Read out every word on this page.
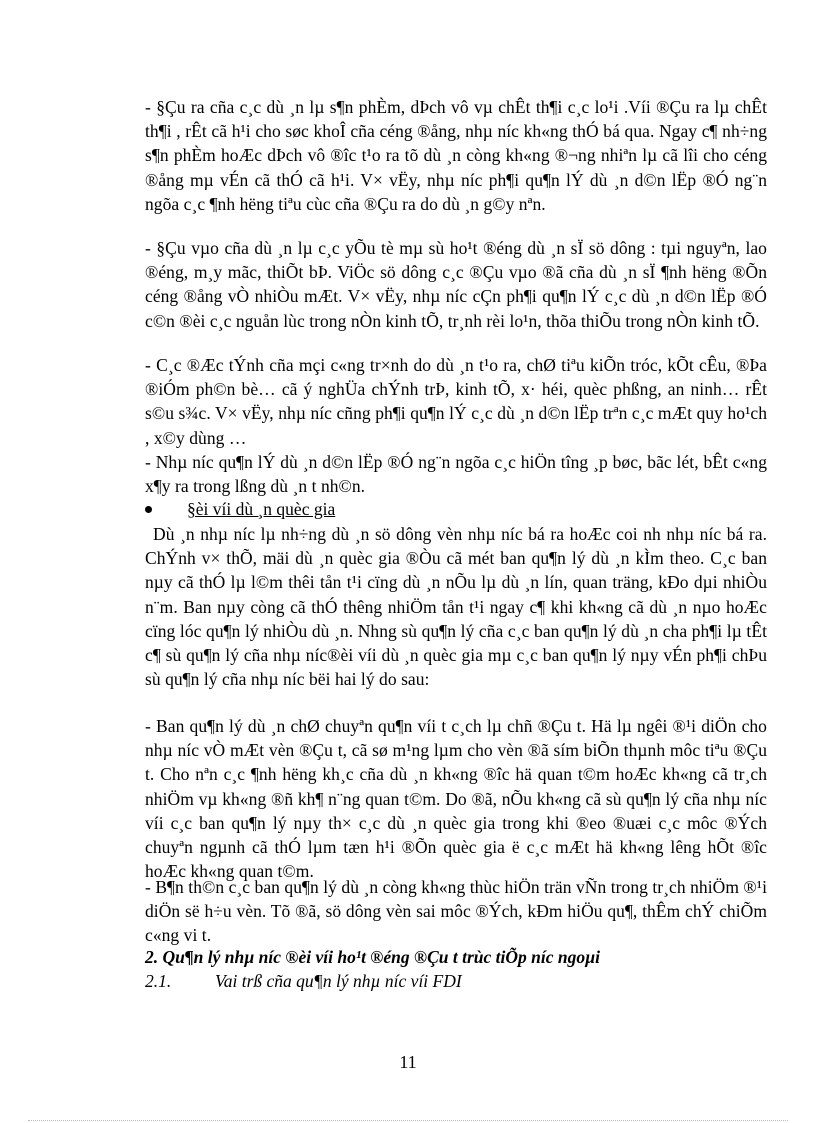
- §Çu ra cña c¸c dù ¸n lµ s¶n phÈm, dÞch vô vµ chÊt th¶i c¸c lo¹i .Víi ®Çu ra lµ chÊt th¶i , rÊt cã h¹i cho søc khoÎ cña céng ®ång, nhµ níc kh«ng thÓ bá qua. Ngay c¶ nh÷ng s¶n phÈm hoÆc dÞch vô ®îc t¹o ra tõ dù ¸n còng kh«ng ®¬ng nhiªn lµ cã lîi cho céng ®ång mµ vÉn cã thÓ cã h¹i. V× vËy, nhµ níc ph¶i qu¶n lÝ dù ¸n d©n lËp ®Ó ng¨n ngõa c¸c ¶nh hëng tiªu cùc cña ®Çu ra do dù ¸n g©y nªn.

- §Çu vµo cña dù ¸n lµ c¸c yÕu tè mµ sù ho¹t ®éng dù ¸n sÏ sö dông : tµi nguyªn, lao ®éng, m¸y mãc, thiÕt bÞ. ViÖc sö dông c¸c ®Çu vµo ®ã cña dù ¸n sÏ ¶nh hëng ®Õn céng ®ång vÒ nhiÒu mÆt. V× vËy, nhµ níc cÇn ph¶i qu¶n lÝ c¸c dù ¸n d©n lËp ®Ó c©n ®èi c¸c nguån lùc trong nÒn kinh tÕ, tr¸nh rèi lo¹n, thõa thiÕu trong nÒn kinh tÕ.

- C¸c ®Æc tÝnh cña mçi c«ng tr×nh do dù ¸n t¹o ra, chØ tiªu kiÕn tróc, kÕt cÊu, ®Þa ®iÓm ph©n bè… cã ý nghÜa chÝnh trÞ, kinh tÕ, x· héi, quèc phßng, an ninh… rÊt s©u s¾c. V× vËy, nhµ níc cñng ph¶i qu¶n lÝ c¸c dù ¸n d©n lËp trªn c¸c mÆt quy ho¹ch , x©y dùng …

- Nhµ níc qu¶n lÝ dù ¸n d©n lËp ®Ó ng¨n ngõa c¸c hiÖn tîng ¸p bøc, bãc lét, bÊt c«ng x¶y ra trong lßng dù ¸n t nh©n.

§èi víi dù ¸n quèc gia

Dù ¸n nhµ níc lµ nh÷ng dù ¸n sö dông vèn nhµ níc bá ra hoÆc coi nh nhµ níc bá ra. ChÝnh v× thÕ, mäi dù ¸n quèc gia ®Òu cã mét ban qu¶n lý dù ¸n kÌm theo. C¸c ban nµy cã thÓ lµ l©m thêi tån t¹i cïng dù ¸n nÕu lµ dù ¸n lín, quan träng, kÐo dµi nhiÒu n¨m. Ban nµy còng cã thÓ thêng nhiÖm tån t¹i ngay c¶ khi kh«ng cã dù ¸n nµo hoÆc cïng lóc qu¶n lý nhiÒu dù ¸n. Nhng sù qu¶n lý cña c¸c ban qu¶n lý dù ¸n cha ph¶i lµ tÊt c¶ sù qu¶n lý cña nhµ níc®èi víi dù ¸n quèc gia mµ c¸c ban qu¶n lý nµy vÉn ph¶i chÞu sù qu¶n lý cña nhµ níc bëi hai lý do sau:

- Ban qu¶n lý dù ¸n chØ chuyªn qu¶n víi t c¸ch lµ chñ ®Çu t. Hä lµ ngêi ®¹i diÖn cho nhµ níc vÒ mÆt vèn ®Çu t, cã sø m¹ng lµm cho vèn ®ã sím biÕn thµnh môc tiªu ®Çu t. Cho nªn c¸c ¶nh hëng kh¸c cña dù ¸n kh«ng ®îc hä quan t©m hoÆc kh«ng cã tr¸ch nhiÖm vµ kh«ng ®ñ kh¶ n¨ng quan t©m. Do ®ã, nÕu kh«ng cã sù qu¶n lý cña nhµ níc víi c¸c ban qu¶n lý nµy th× c¸c dù ¸n quèc gia trong khi ®eo ®uæi c¸c môc ®Ých chuyªn ngµnh cã thÓ lµm tæn h¹i ®Õn quèc gia ë c¸c mÆt hä kh«ng lêng hÕt ®îc hoÆc kh«ng quan t©m.

- B¶n th©n c¸c ban qu¶n lý dù ¸n còng kh«ng thùc hiÖn trän vÑn trong tr¸ch nhiÖm ®¹i diÖn së h÷u vèn. Tõ ®ã, sö dông vèn sai môc ®Ých, kÐm hiÖu qu¶, thÊm chÝ chiÕm c«ng vi t.

2. Qu¶n lý nhµ níc ®èi víi ho¹t ®éng ®Çu t trùc tiÕp níc ngoµi
2.1.	Vai trß cña qu¶n lý nhµ níc víi FDI
11
